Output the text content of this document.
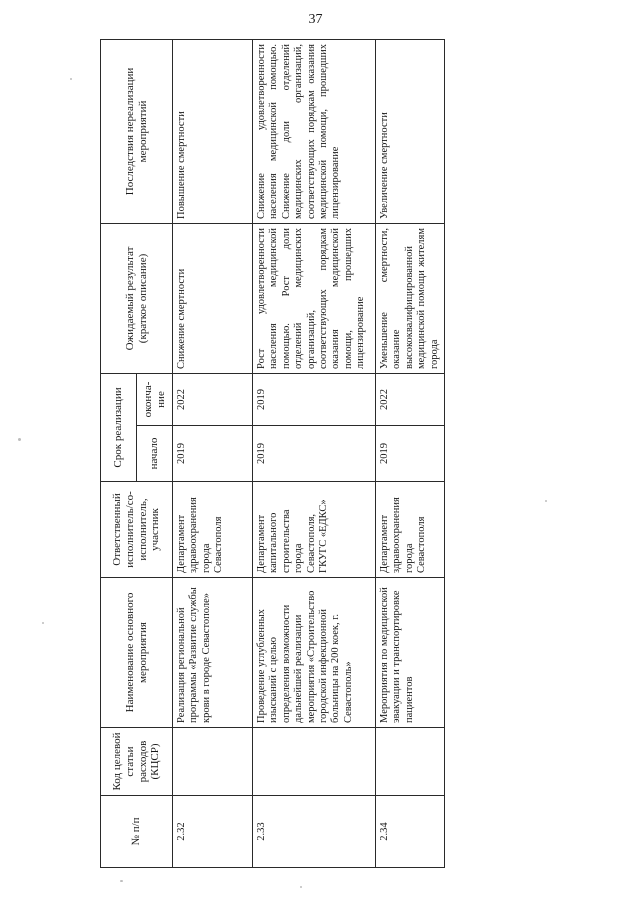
37
№ п/п	Код целевой статьи расходов (КЦСР)	Наименование основного мероприятия	Ответственный исполнитель/со-исполнитель, участник	Срок реализации		Ожидаемый результат (краткое описание)	Последствия нереализации мероприятий
				начало	оконча-ние		
2.32		Реализация региональной программы «Развитие службы крови в городе Севастополе»	Департамент здравоохранения города Севастополя	2019	2022	Снижение смертности	Повышение смертности
2.33		Проведение углубленных изысканий с целью определения возможности дальнейшей реализации мероприятия «Строительство городской инфекционной больницы на 200 коек, г. Севастополь»	Департамент капитального строительства города Севастополя, ГКУГС «ЕДКС»	2019	2019	Рост удовлетворенности населения медицинской помощью. Рост доли отделений медицинских организаций, соответствующих порядкам оказания медицинской помощи, прошедших лицензирование	Снижение удовлетворенности населения медицинской помощью. Снижение доли отделений медицинских организаций, соответствующих порядкам оказания медицинской помощи, прошедших лицензирование
2.34		Мероприятия по медицинской эвакуации и транспортировке пациентов	Департамент здравоохранения города Севастополя	2019	2022	Уменьшение смертности, оказание высококвалифицированной медицинской помощи жителям города	Увеличение смертности
